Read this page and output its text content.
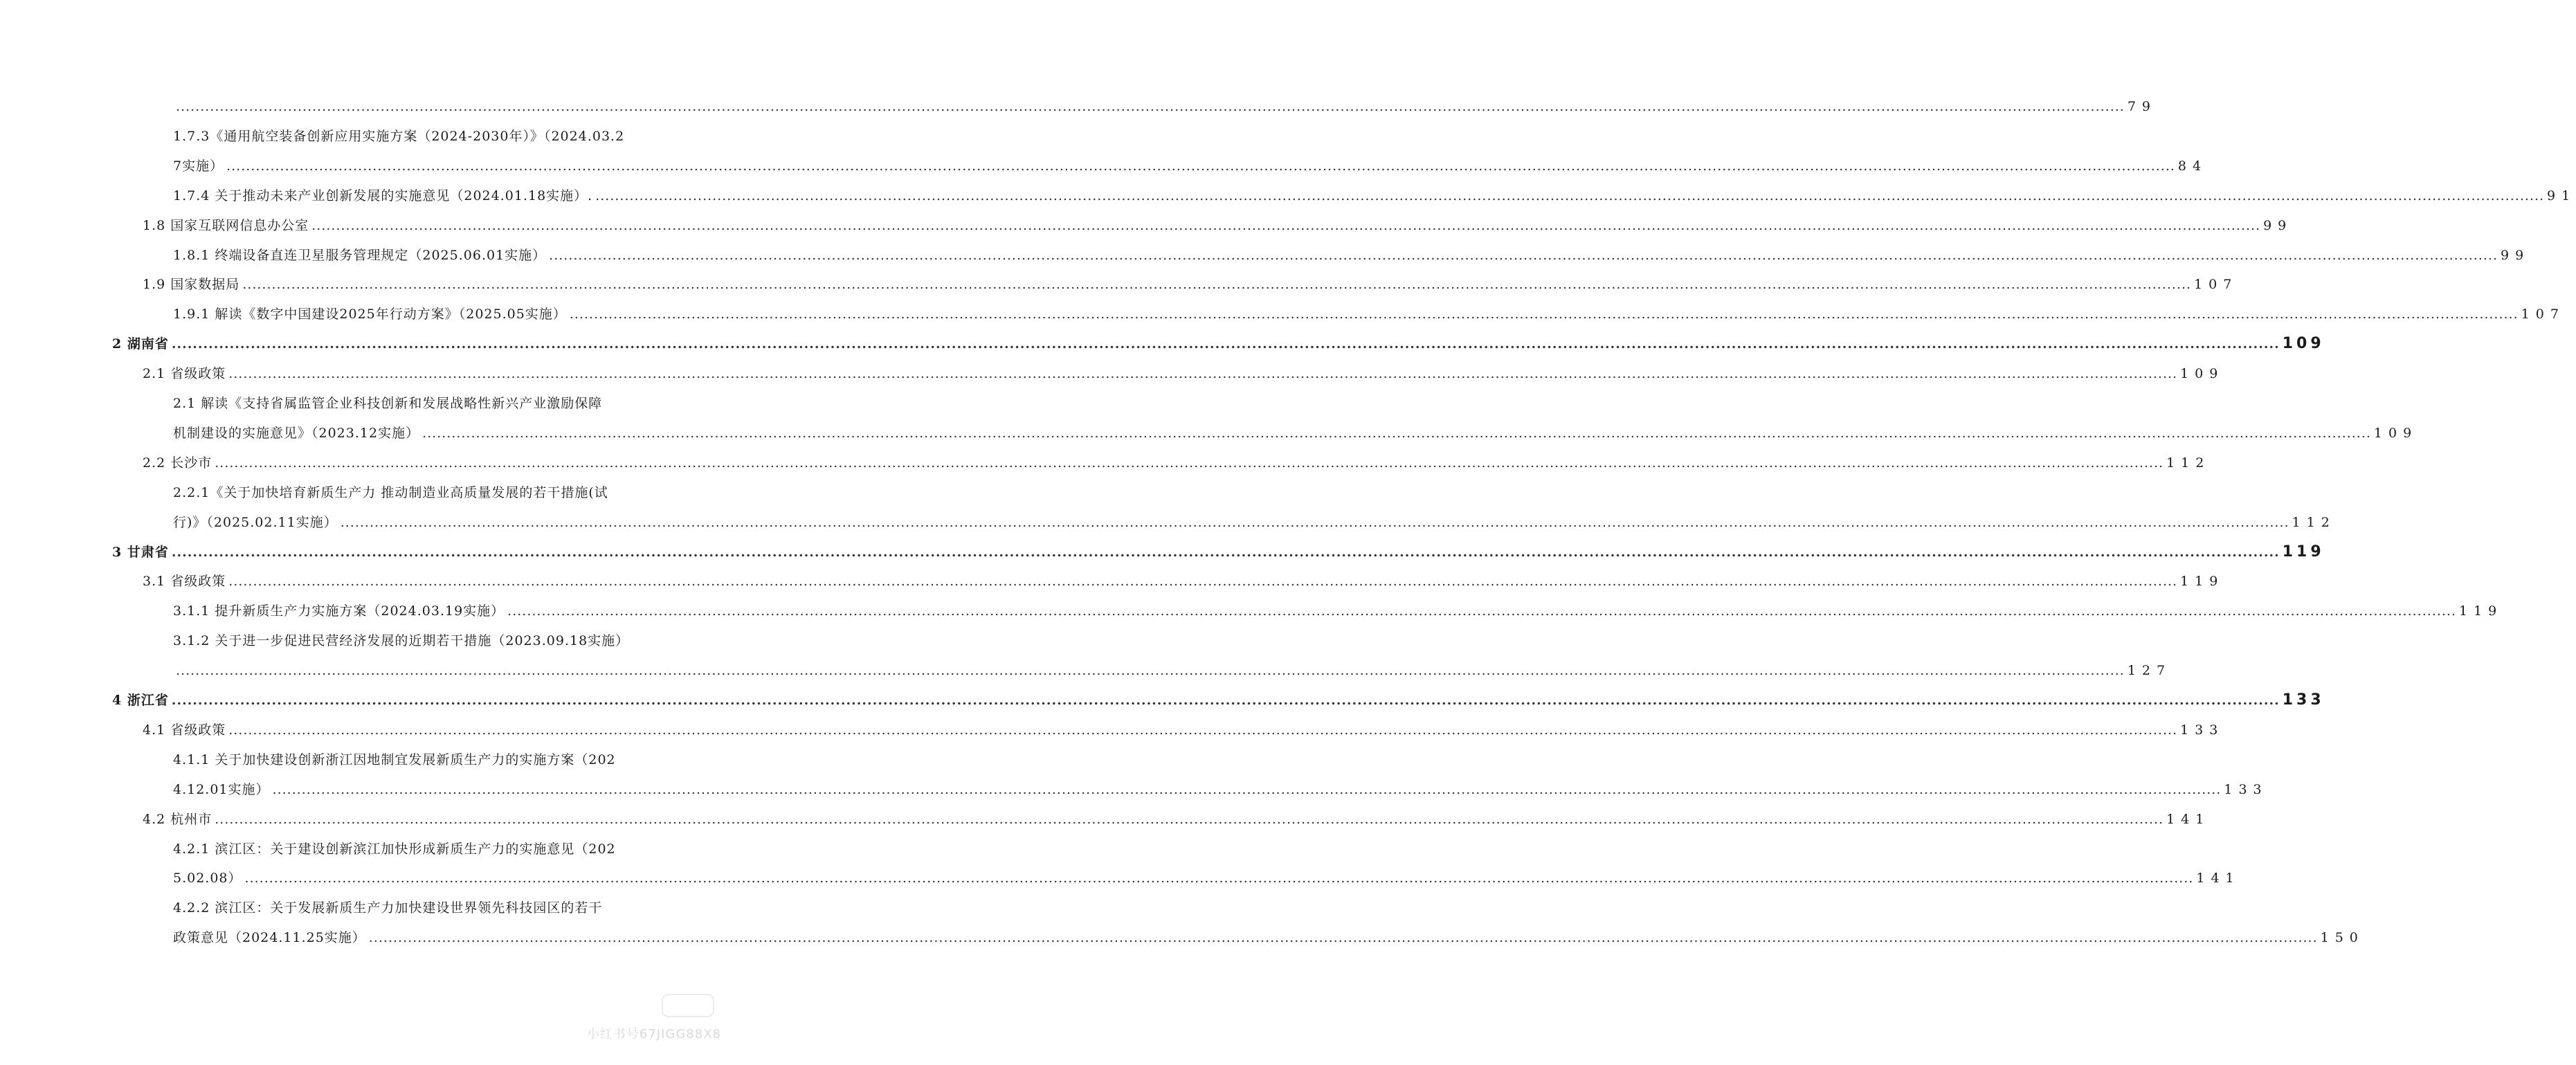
................................................................................................................................................................................................................................................................................................................................................................................................................ 79
1.7.3《通用航空装备创新应用实施方案（2024-2030年）》（2024.03.2
7实施） ................................................................................................................................................................................................................................................................................................................................................................................................................ 84
1.7.4 关于推动未来产业创新发展的实施意见（2024.01.18实施）. ................................................................................................................................................................................................................................................................................................................................................................................................................ 91
1.8 国家互联网信息办公室 ................................................................................................................................................................................................................................................................................................................................................................................................................ 99
1.8.1 终端设备直连卫星服务管理规定（2025.06.01实施） ................................................................................................................................................................................................................................................................................................................................................................................................................ 99
1.9 国家数据局 ................................................................................................................................................................................................................................................................................................................................................................................................................ 107
1.9.1 解读《数字中国建设2025年行动方案》（2025.05实施） ................................................................................................................................................................................................................................................................................................................................................................................................................ 107
2 湖南省 ................................................................................................................................................................................................................................................................................................................................................................................................................ 109
2.1 省级政策 ................................................................................................................................................................................................................................................................................................................................................................................................................ 109
2.1 解读《支持省属监管企业科技创新和发展战略性新兴产业激励保障
机制建设的实施意见》（2023.12实施） ................................................................................................................................................................................................................................................................................................................................................................................................................ 109
2.2 长沙市 ................................................................................................................................................................................................................................................................................................................................................................................................................ 112
2.2.1《关于加快培育新质生产力 推动制造业高质量发展的若干措施(试
行)》（2025.02.11实施） ................................................................................................................................................................................................................................................................................................................................................................................................................ 112
3 甘肃省 ................................................................................................................................................................................................................................................................................................................................................................................................................ 119
3.1 省级政策 ................................................................................................................................................................................................................................................................................................................................................................................................................ 119
3.1.1 提升新质生产力实施方案（2024.03.19实施） ................................................................................................................................................................................................................................................................................................................................................................................................................ 119
3.1.2 关于进一步促进民营经济发展的近期若干措施（2023.09.18实施）
................................................................................................................................................................................................................................................................................................................................................................................................................ 127
4 浙江省 ................................................................................................................................................................................................................................................................................................................................................................................................................ 133
4.1 省级政策 ................................................................................................................................................................................................................................................................................................................................................................................................................ 133
4.1.1 关于加快建设创新浙江因地制宜发展新质生产力的实施方案（202
4.12.01实施） ................................................................................................................................................................................................................................................................................................................................................................................................................ 133
4.2 杭州市 ................................................................................................................................................................................................................................................................................................................................................................................................................ 141
4.2.1 滨江区：关于建设创新滨江加快形成新质生产力的实施意见（202
5.02.08） ................................................................................................................................................................................................................................................................................................................................................................................................................ 141
4.2.2 滨江区：关于发展新质生产力加快建设世界领先科技园区的若干
政策意见（2024.11.25实施） ................................................................................................................................................................................................................................................................................................................................................................................................................ 150
小红书号67JIGG88X8
